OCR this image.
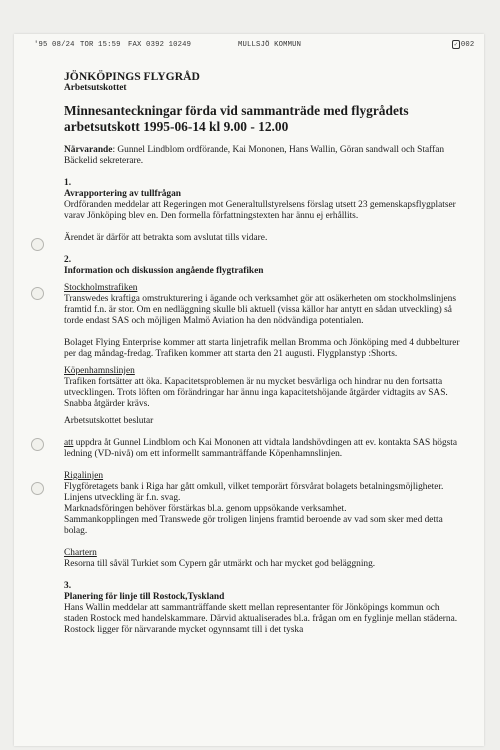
'95 08/24 TOR 15:59 FAX 0392 10249	MULLSJÖ KOMMUN	✓ 002

JÖNKÖPINGS FLYGRÅD

Arbetsutskottet

Minnesanteckningar förda vid sammanträde med flygrådets
arbetsutskott 1995-06-14 kl 9.00 - 12.00

Närvarande: Gunnel Lindblom ordförande, Kai Mononen, Hans Wallin, Göran sandwall och Staffan Bäckelid sekreterare.

1.

Avrapportering av tullfrågan

Ordföranden meddelar att Regeringen mot Generaltullstyrelsens förslag utsett 23 gemenskapsflygplatser varav Jönköping blev en. Den formella författningstexten har ännu ej erhållits.

Ärendet är därför att betrakta som avslutat tills vidare.

2.

Information och diskussion angående flygtrafiken

Stockholmstrafiken

Transwedes kraftiga omstrukturering i ägande och verksamhet gör att osäkerheten om stockholmslinjens framtid f.n. är stor. Om en nedläggning skulle bli aktuell (vissa källor har antytt en sådan utveckling) så torde endast SAS och möjligen Malmö Aviation ha den nödvändiga potentialen.

Bolaget Flying Enterprise kommer att starta linjetrafik mellan Bromma och Jönköping med 4 dubbelturer per dag måndag-fredag. Trafiken kommer att starta den 21 augusti. Flygplanstyp :Shorts.

Köpenhamnslinjen

Trafiken fortsätter att öka. Kapacitetsproblemen är nu mycket besvärliga och hindrar nu den fortsatta utvecklingen. Trots löften om förändringar har ännu inga kapacitetshöjande åtgärder vidtagits av SAS. Snabba åtgärder krävs.

Arbetsutskottet beslutar

att uppdra åt Gunnel Lindblom och Kai Mononen att vidtala landshövdingen att ev. kontakta SAS högsta ledning (VD-nivå) om ett informellt sammanträffande Köpenhamnslinjen.

Rigalinjen

Flygföretagets bank i Riga har gått omkull, vilket temporärt försvårat bolagets betalningsmöjligheter. Linjens utveckling är f.n. svag.

Marknadsföringen behöver förstärkas bl.a. genom uppsökande verksamhet.

Sammankopplingen med Transwede gör troligen linjens framtid beroende av vad som sker med detta bolag.

Chartern

Resorna till såväl Turkiet som Cypern går utmärkt och har mycket god beläggning.

3.

Planering för linje till Rostock,Tyskland

Hans Wallin meddelar att sammanträffande skett mellan representanter för Jönköpings kommun och staden Rostock med handelskammare. Därvid aktualiserades bl.a. frågan om en fyglinje mellan städerna. Rostock ligger för närvarande mycket ogynnsamt till i det tyska
